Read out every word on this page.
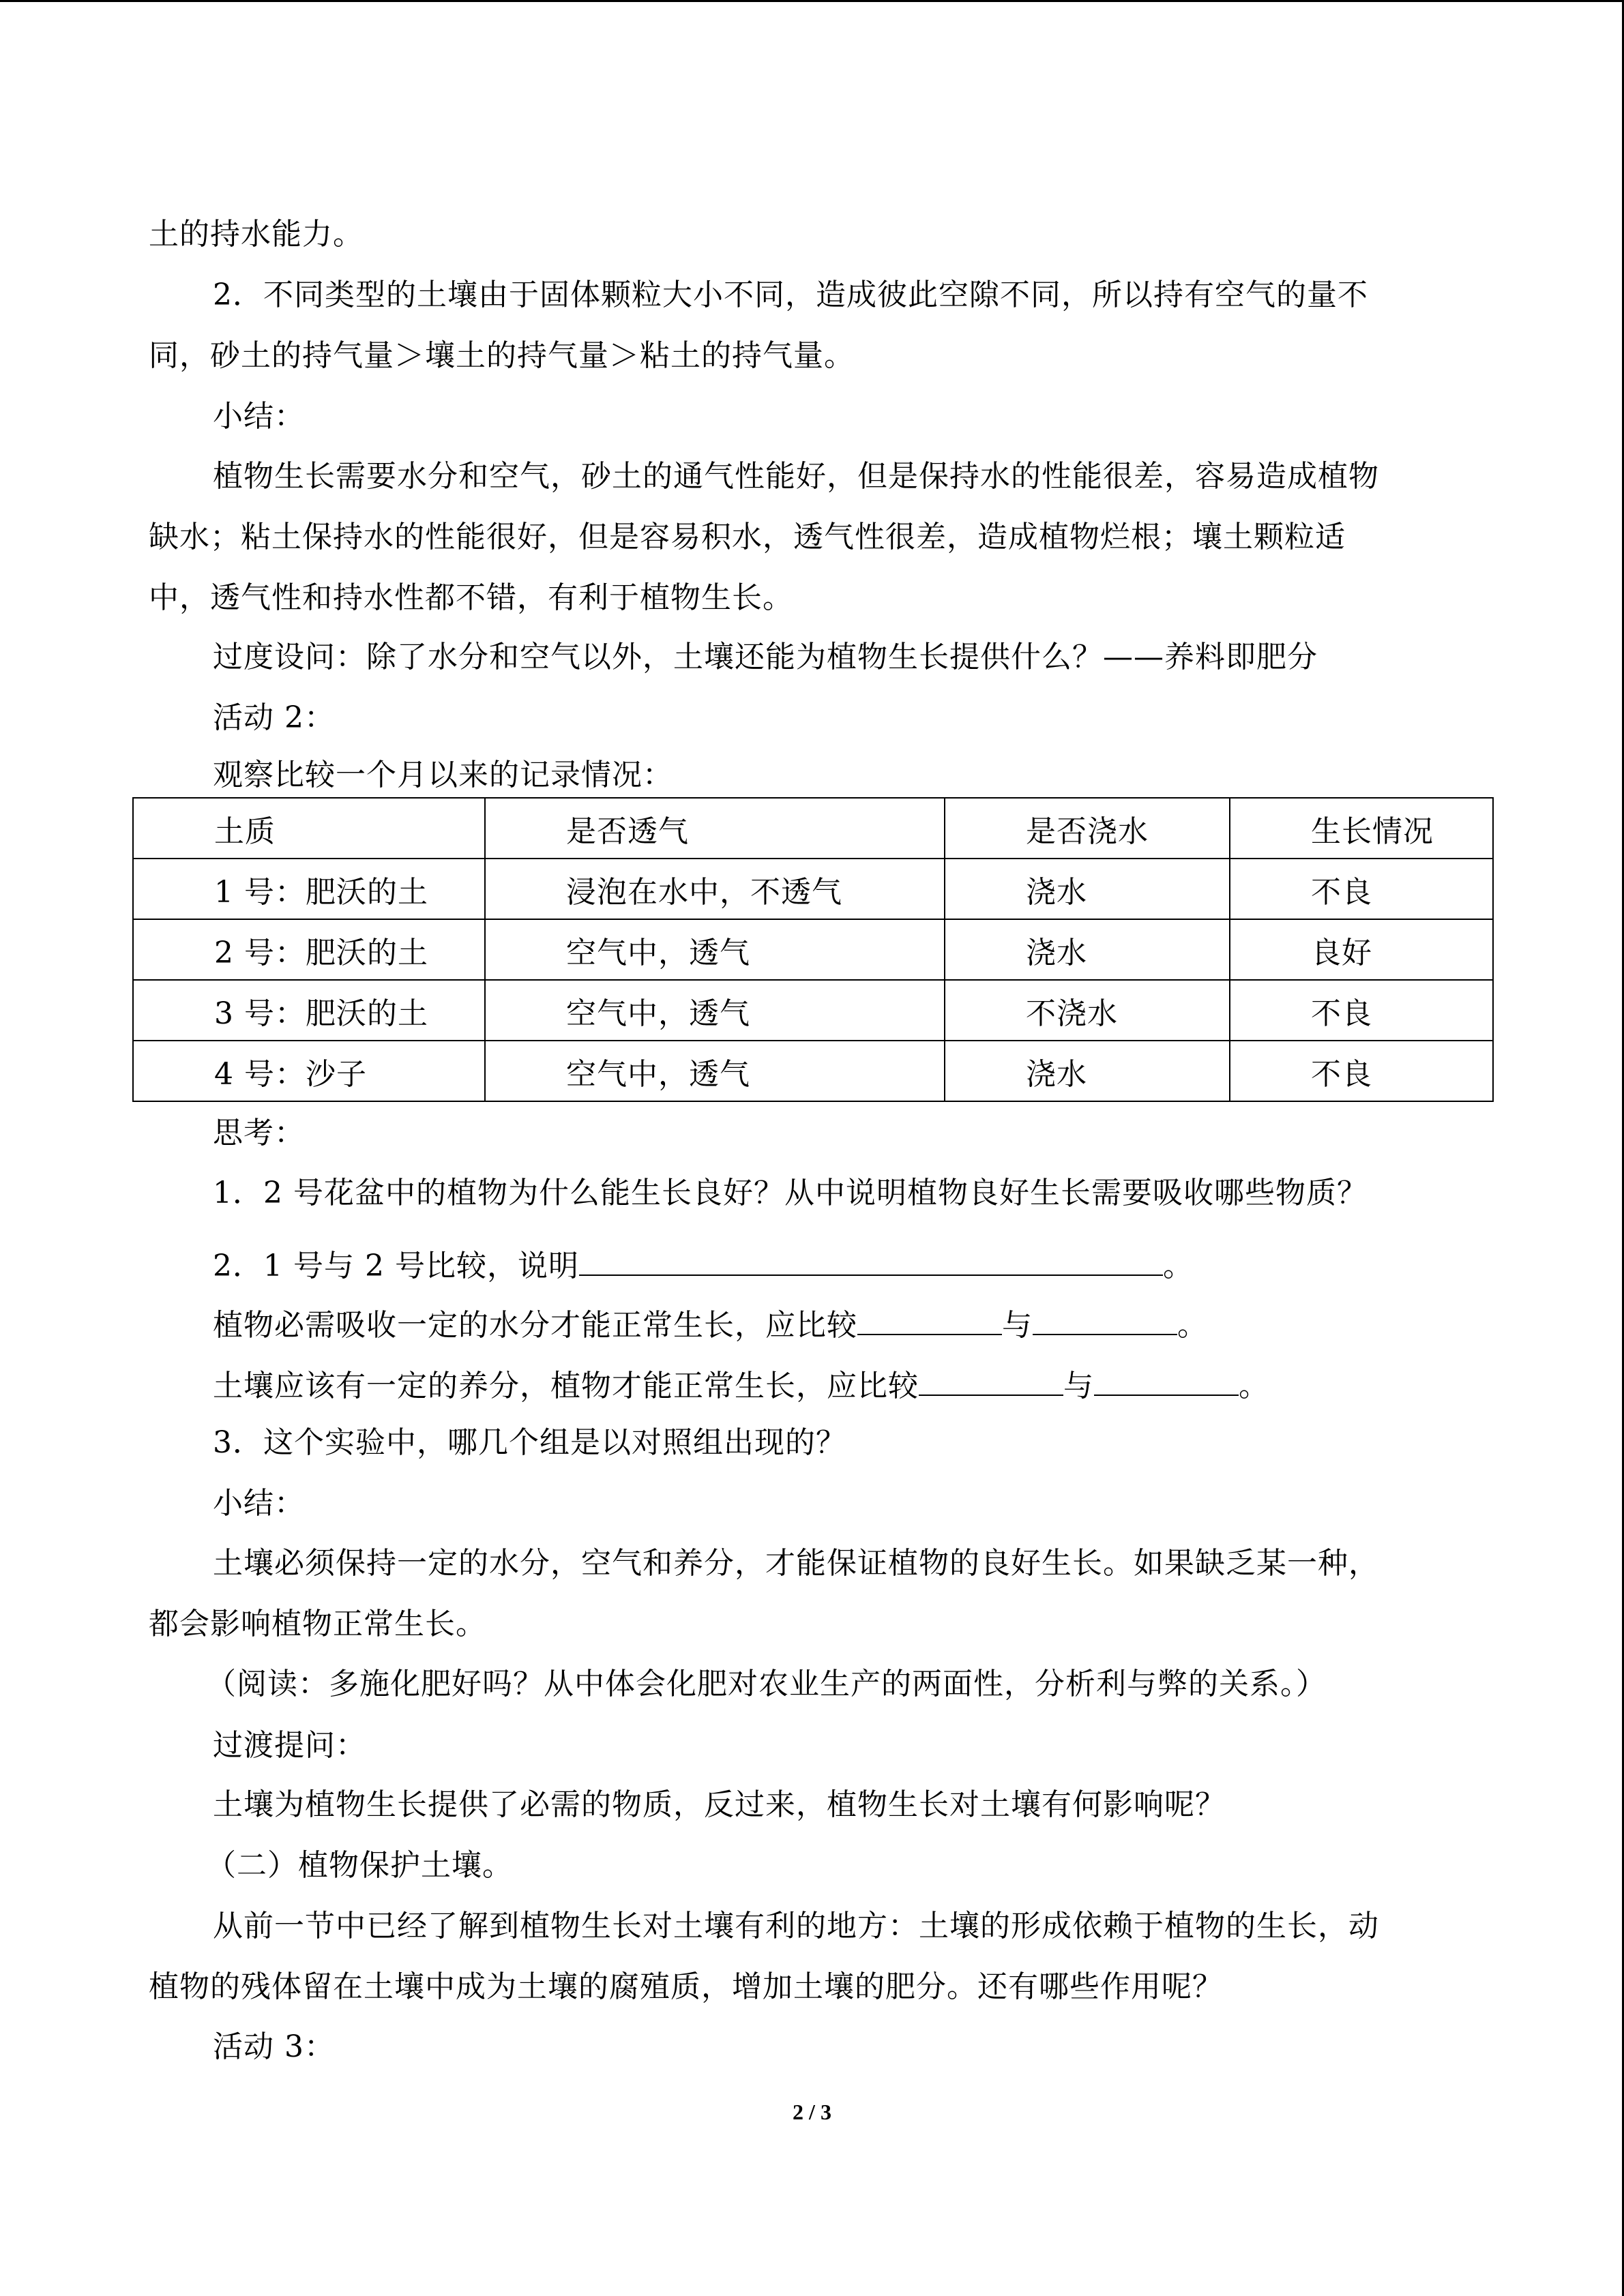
土的持水能力。
2．不同类型的土壤由于固体颗粒大小不同，造成彼此空隙不同，所以持有空气的量不
同，砂土的持气量＞壤土的持气量＞粘土的持气量。
小结：
植物生长需要水分和空气，砂土的通气性能好，但是保持水的性能很差，容易造成植物
缺水；粘土保持水的性能很好，但是容易积水，透气性很差，造成植物烂根；壤土颗粒适
中，透气性和持水性都不错，有利于植物生长。
过度设问：除了水分和空气以外，土壤还能为植物生长提供什么？——养料即肥分
活动 2：
观察比较一个月以来的记录情况：
土质	是否透气	是否浇水	生长情况
1 号：肥沃的土	浸泡在水中，不透气	浇水	不良
2 号：肥沃的土	空气中，透气	浇水	良好
3 号：肥沃的土	空气中，透气	不浇水	不良
4 号：沙子	空气中，透气	浇水	不良
思考：
1．2 号花盆中的植物为什么能生长良好？从中说明植物良好生长需要吸收哪些物质？
2．1 号与 2 号比较，说明	。
植物必需吸收一定的水分才能正常生长，应比较	与	。
土壤应该有一定的养分，植物才能正常生长，应比较	与	。
3．这个实验中，哪几个组是以对照组出现的？
小结：
土壤必须保持一定的水分，空气和养分，才能保证植物的良好生长。如果缺乏某一种，
都会影响植物正常生长。
（阅读：多施化肥好吗？从中体会化肥对农业生产的两面性，分析利与弊的关系。）
过渡提问：
土壤为植物生长提供了必需的物质，反过来，植物生长对土壤有何影响呢？
（二）植物保护土壤。
从前一节中已经了解到植物生长对土壤有利的地方：土壤的形成依赖于植物的生长，动
植物的残体留在土壤中成为土壤的腐殖质，增加土壤的肥分。还有哪些作用呢？
活动 3：
2 / 3
